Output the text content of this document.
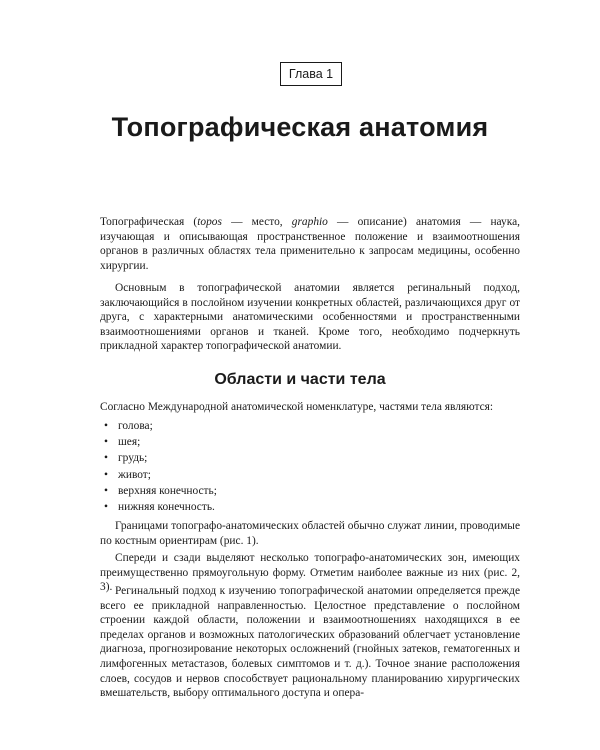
Глава 1
Топографическая анатомия

Топографическая (topos — место, graphio — описание) анатомия — наука, изучающая и описывающая пространственное положение и взаимоотношения органов в различных областях тела применительно к запросам медицины, особенно хирургии.

Основным в топографической анатомии является регинальный подход, заключающийся в послойном изучении конкретных областей, различающихся друг от друга, с характерными анатомическими особенностями и пространственными взаимоотношениями органов и тканей. Кроме того, необходимо подчеркнуть прикладной характер топографической анатомии.

Области и части тела

Согласно Международной анатомической номенклатуре, частями тела являются:

• голова;
• шея;
• грудь;
• живот;
• верхняя конечность;
• нижняя конечность.

Границами топографо-анатомических областей обычно служат линии, проводимые по костным ориентирам (рис. 1).

Спереди и сзади выделяют несколько топографо-анатомических зон, имеющих преимущественно прямоугольную форму. Отметим наиболее важные из них (рис. 2, 3). Регинальный подход к изучению топографической анатомии определяется прежде всего ее прикладной направленностью. Целостное представление о послойном строении каждой области, положении и взаимоотношениях находящихся в ее пределах органов и возможных патологических образований облегчает установление диагноза, прогнозирование некоторых осложнений (гнойных затеков, гематогенных и лимфогенных метастазов, болевых симптомов и т. д.). Точное знание расположения слоев, сосудов и нервов способствует рациональному планированию хирургических вмешательств, выбору оптимального доступа и опера-
